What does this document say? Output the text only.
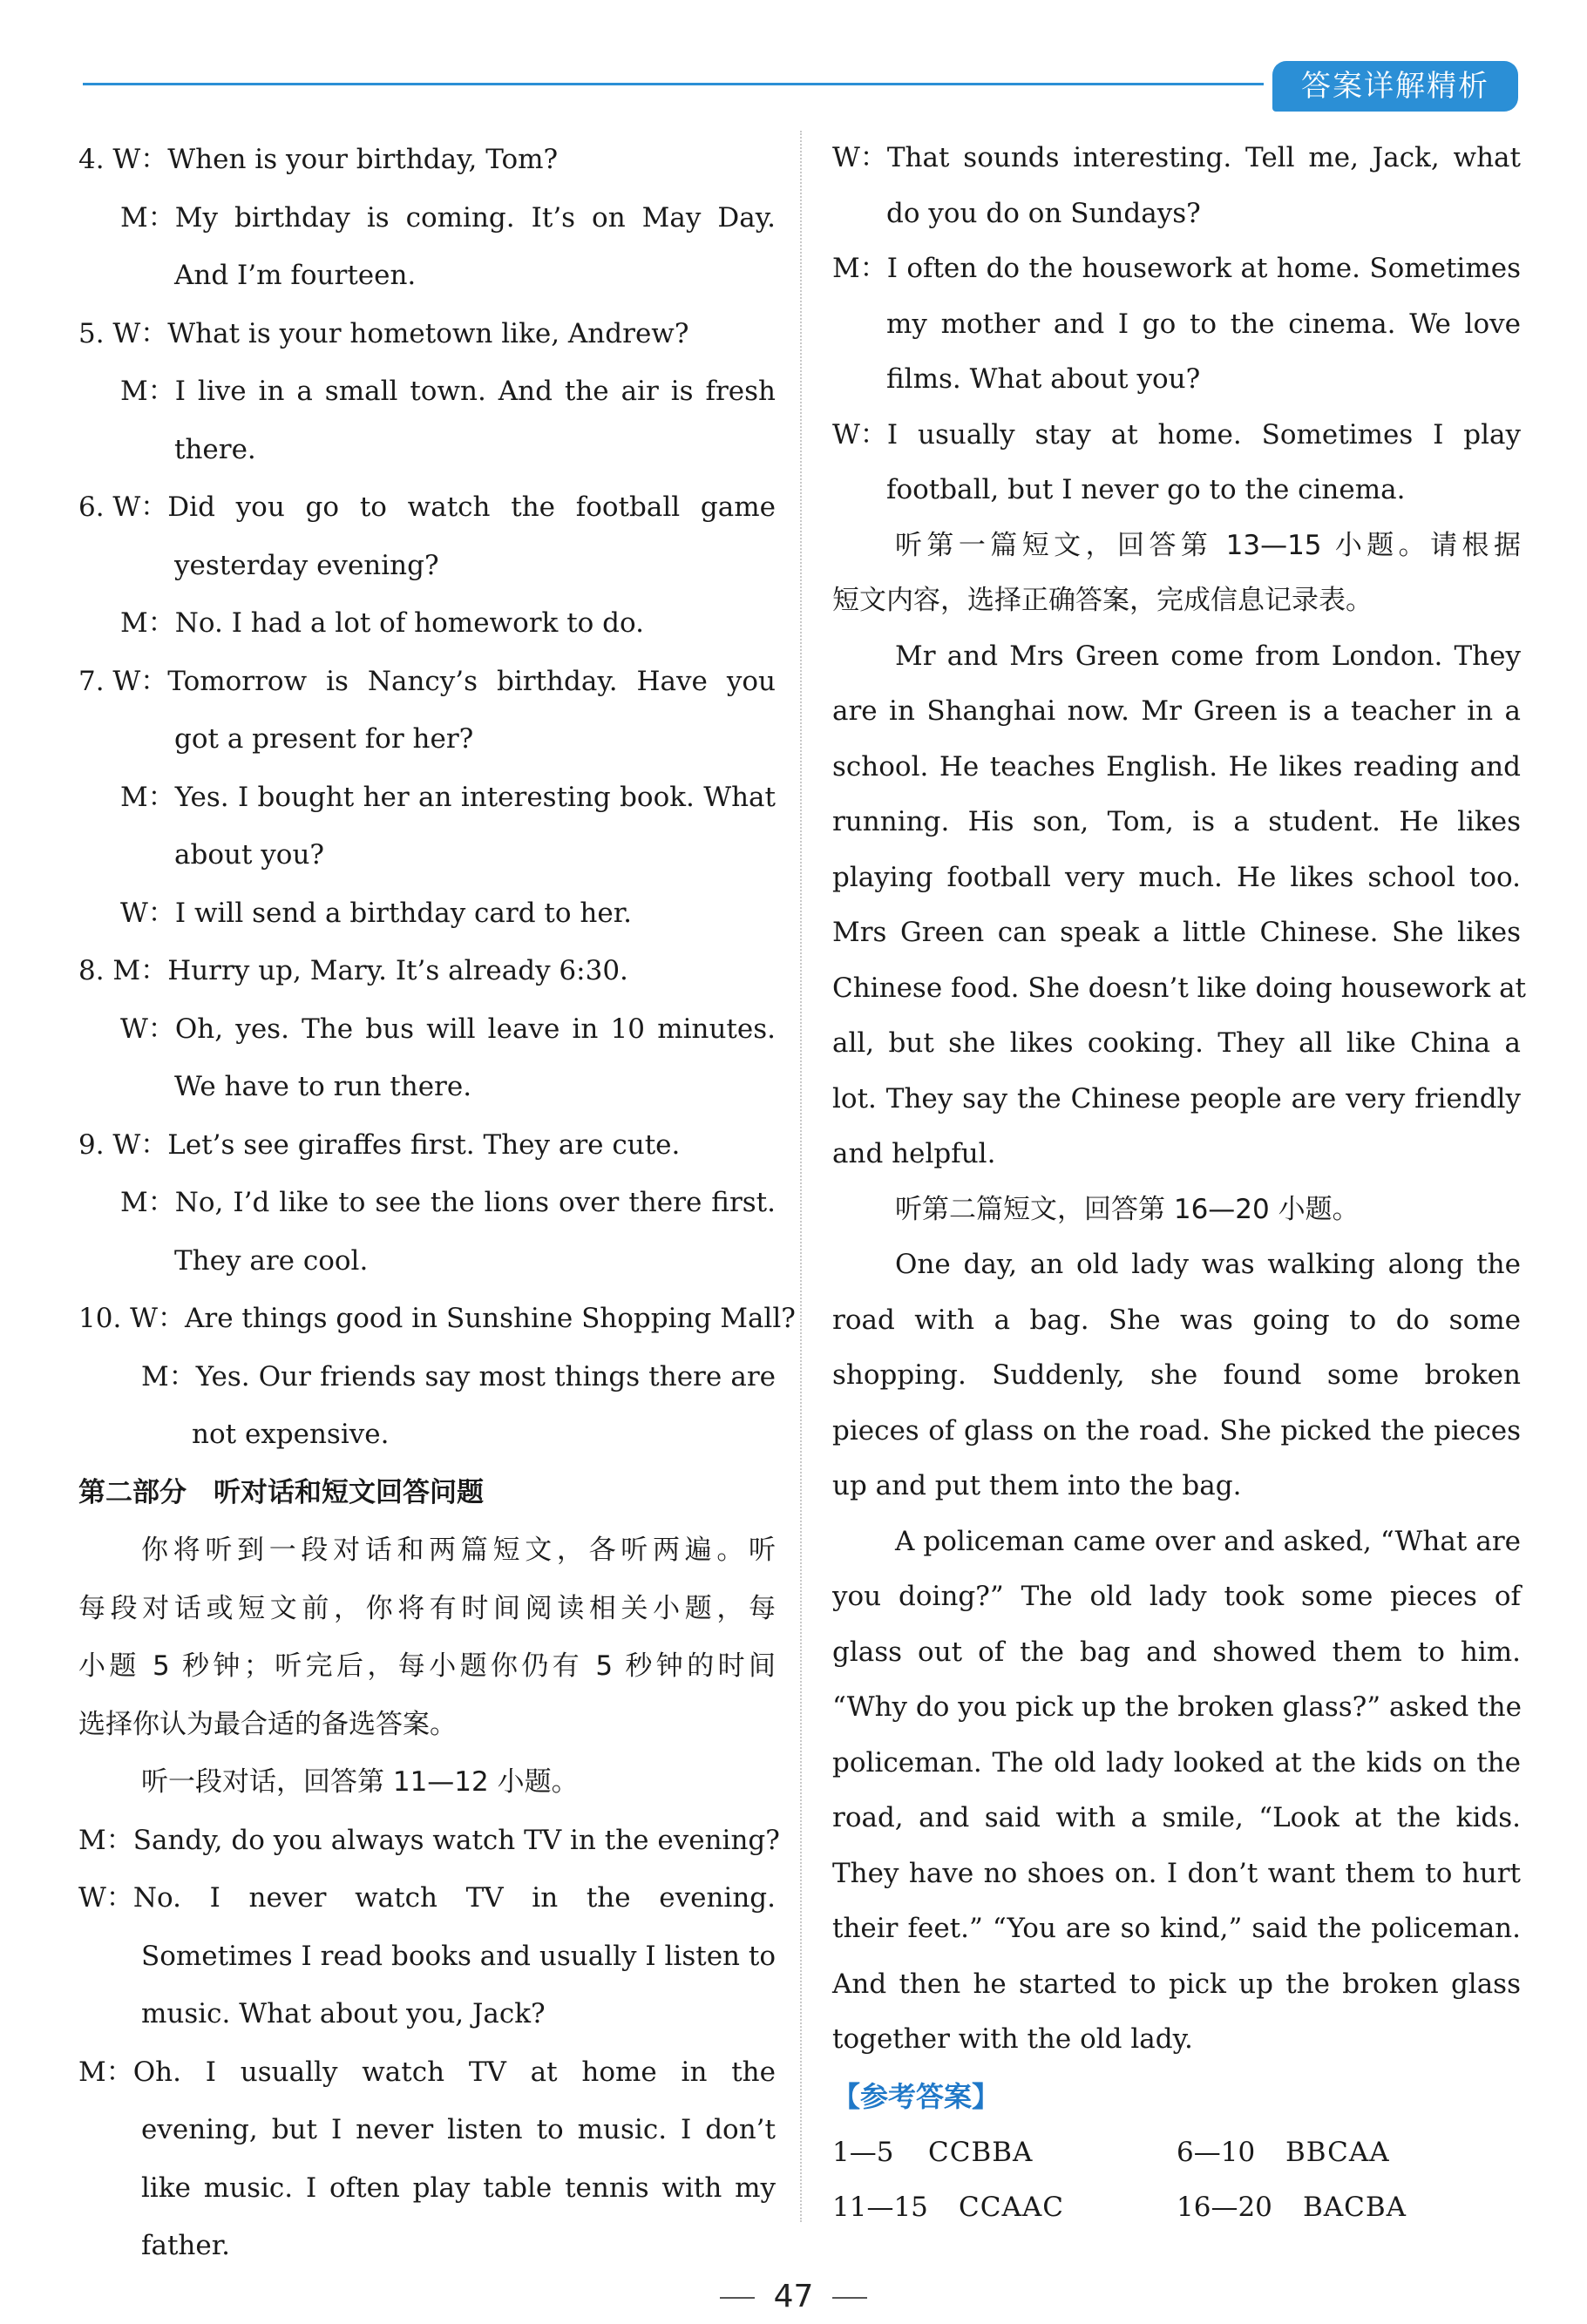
答案详解精析
4. W：When is your birthday, Tom?
M：My birthday is coming. It’s on May Day.
And I’m fourteen.
5. W：What is your hometown like, Andrew?
M：I live in a small town. And the air is fresh
there.
6. W：Did you go to watch the football game
yesterday evening?
M：No. I had a lot of homework to do.
7. W：Tomorrow is Nancy’s birthday. Have you
got a present for her?
M：Yes. I bought her an interesting book. What
about you?
W：I will send a birthday card to her.
8. M：Hurry up, Mary. It’s already 6:30.
W：Oh, yes. The bus will leave in 10 minutes.
We have to run there.
9. W：Let’s see giraffes first. They are cute.
M：No, I’d like to see the lions over there first.
They are cool.
10. W：Are things good in Sunshine Shopping Mall?
M：Yes. Our friends say most things there are
not expensive.
第二部分　听对话和短文回答问题
你将听到一段对话和两篇短文，各听两遍。听
每段对话或短文前，你将有时间阅读相关小题，每
小题 5 秒钟；听完后，每小题你仍有 5 秒钟的时间
选择你认为最合适的备选答案。
听一段对话，回答第 11—12 小题。
M：Sandy, do you always watch TV in the evening?
W：No. I never watch TV in the evening.
Sometimes I read books and usually I listen to
music. What about you, Jack?
M：Oh. I usually watch TV at home in the
evening, but I never listen to music. I don’t
like music. I often play table tennis with my
father.
W：That sounds interesting. Tell me, Jack, what
do you do on Sundays?
M：I often do the housework at home. Sometimes
my mother and I go to the cinema. We love
films. What about you?
W：I usually stay at home. Sometimes I play
football, but I never go to the cinema.
听第一篇短文，回答第 13—15 小题。请根据
短文内容，选择正确答案，完成信息记录表。
Mr and Mrs Green come from London. They
are in Shanghai now. Mr Green is a teacher in a
school. He teaches English. He likes reading and
running. His son, Tom, is a student. He likes
playing football very much. He likes school too.
Mrs Green can speak a little Chinese. She likes
Chinese food. She doesn’t like doing housework at
all, but she likes cooking. They all like China a
lot. They say the Chinese people are very friendly
and helpful.
听第二篇短文，回答第 16—20 小题。
One day, an old lady was walking along the
road with a bag. She was going to do some
shopping. Suddenly, she found some broken
pieces of glass on the road. She picked the pieces
up and put them into the bag.
A policeman came over and asked, “What are
you doing?” The old lady took some pieces of
glass out of the bag and showed them to him.
“Why do you pick up the broken glass?” asked the
policeman. The old lady looked at the kids on the
road, and said with a smile, “Look at the kids.
They have no shoes on. I don’t want them to hurt
their feet.” “You are so kind,” said the policeman.
And then he started to pick up the broken glass
together with the old lady.
【参考答案】
1—5 CCBBA	6—10 BBCAA
11—15 CCAAC	16—20 BACBA
47
